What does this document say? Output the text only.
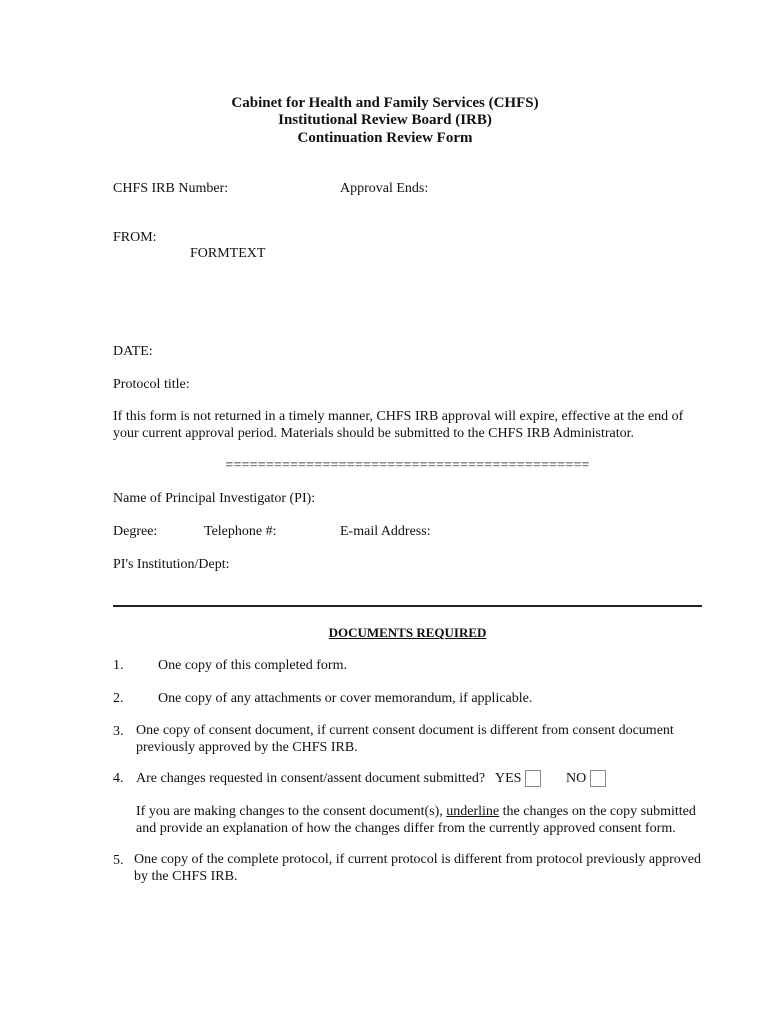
Cabinet for Health and Family Services (CHFS)
Institutional Review Board (IRB)
Continuation Review Form
CHFS IRB Number:	Approval Ends:
FROM:
FORMTEXT
DATE:
Protocol title:
If this form is not returned in a timely manner, CHFS IRB approval will expire, effective at the end of your current approval period. Materials should be submitted to the CHFS IRB Administrator.
=============================================
Name of Principal Investigator (PI):
Degree:	Telephone #:	E-mail Address:
PI's Institution/Dept:
DOCUMENTS REQUIRED
1. One copy of this completed form.
2. One copy of any attachments or cover memorandum, if applicable.
3. One copy of consent document, if current consent document is different from consent document previously approved by the CHFS IRB.
4. Are changes requested in consent/assent document submitted? YES	NO
If you are making changes to the consent document(s), underline the changes on the copy submitted and provide an explanation of how the changes differ from the currently approved consent form.
5. One copy of the complete protocol, if current protocol is different from protocol previously approved by the CHFS IRB.
